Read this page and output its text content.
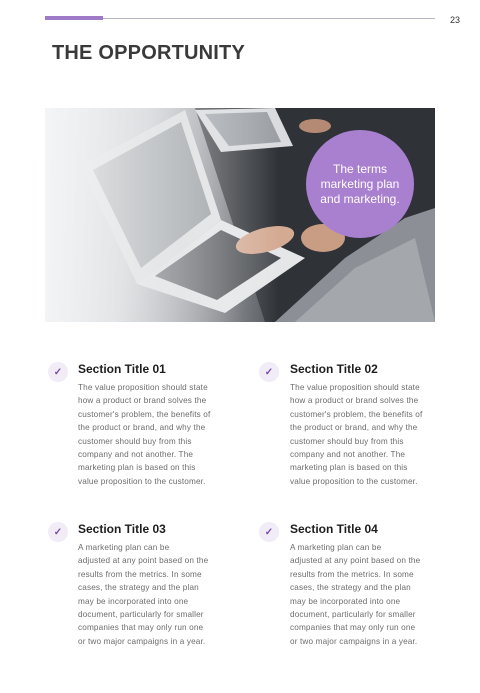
23
THE OPPORTUNITY
The terms
marketing plan
and marketing.
✓ Section Title 01
The value proposition should state
how a product or brand solves the
customer's problem, the benefits of
the product or brand, and why the
customer should buy from this
company and not another. The
marketing plan is based on this
value proposition to the customer.
✓ Section Title 02
The value proposition should state
how a product or brand solves the
customer's problem, the benefits of
the product or brand, and why the
customer should buy from this
company and not another. The
marketing plan is based on this
value proposition to the customer.
✓ Section Title 03
A marketing plan can be
adjusted at any point based on the
results from the metrics. In some
cases, the strategy and the plan
may be incorporated into one
document, particularly for smaller
companies that may only run one
or two major campaigns in a year.
✓ Section Title 04
A marketing plan can be
adjusted at any point based on the
results from the metrics. In some
cases, the strategy and the plan
may be incorporated into one
document, particularly for smaller
companies that may only run one
or two major campaigns in a year.
